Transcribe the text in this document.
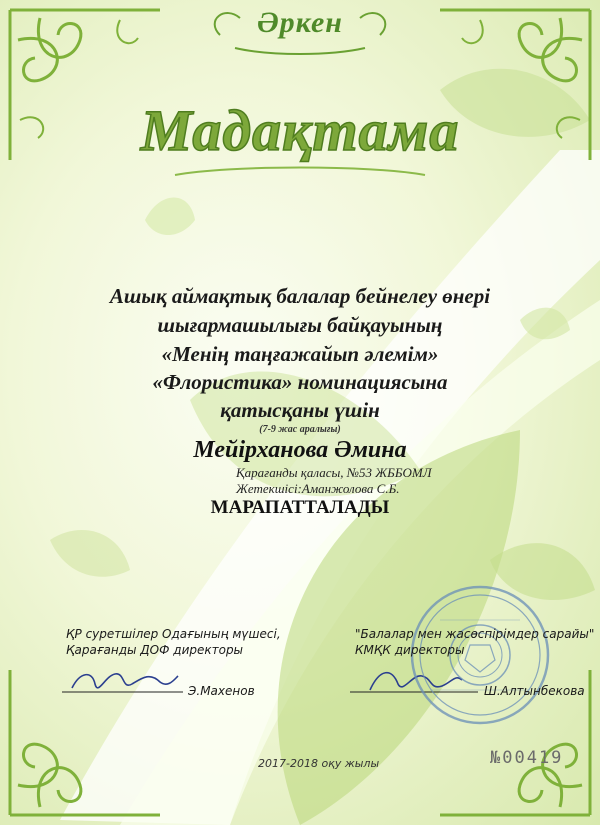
Әркен
Мадақтама
Ашық аймақтық балалар бейнелеу өнері
шығармашылығы байқауының
«Менің таңғажайып әлемім»
«Флористика» номинациясына
қатысқаны үшін
(7-9 жас аралығы)
Мейірханова Әмина
Қарағанды қаласы, №53 ЖББОМЛ
Жетекшісі:Аманжолова С.Б.
МАРАПАТТАЛАДЫ
ҚР суретшілер Одағының мүшесі,
Қарағанды ДОФ директоры
Э.Махенов
"Балалар мен жасөспірімдер сарайы"
КМҚК директоры
Ш.Алтынбекова
2017-2018 оқу жылы	№00419
